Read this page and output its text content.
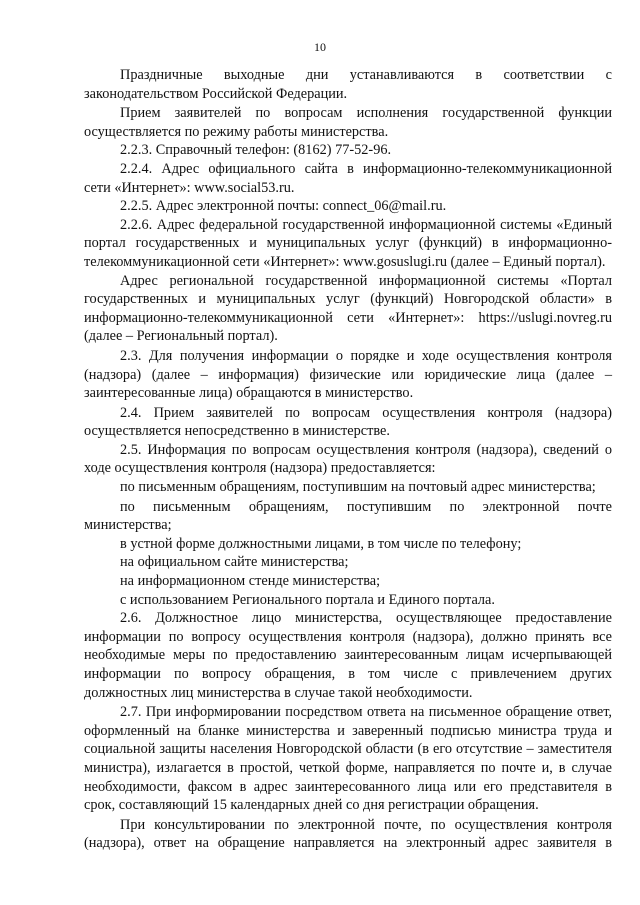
10

Праздничные выходные дни устанавливаются в соответствии с законодательством Российской Федерации.

Прием заявителей по вопросам исполнения государственной функции осуществляется по режиму работы министерства.

2.2.3. Справочный телефон: (8162) 77-52-96.

2.2.4. Адрес официального сайта в информационно-телекоммуникационной сети «Интернет»: www.social53.ru.

2.2.5. Адрес электронной почты: connect_06@mail.ru.

2.2.6. Адрес федеральной государственной информационной системы «Единый портал государственных и муниципальных услуг (функций) в информационно-телекоммуникационной сети «Интернет»: www.gosuslugi.ru (далее – Единый портал).

Адрес региональной государственной информационной системы «Портал государственных и муниципальных услуг (функций) Новгородской области» в информационно-телекоммуникационной сети «Интернет»: https://uslugi.novreg.ru (далее – Региональный портал).

2.3. Для получения информации о порядке и ходе осуществления контроля (надзора) (далее – информация) физические или юридические лица (далее – заинтересованные лица) обращаются в министерство.

2.4. Прием заявителей по вопросам осуществления контроля (надзора) осуществляется непосредственно в министерстве.

2.5. Информация по вопросам осуществления контроля (надзора), сведений о ходе осуществления контроля (надзора) предоставляется:

по письменным обращениям, поступившим на почтовый адрес министерства;

по письменным обращениям, поступившим по электронной почте министерства;

в устной форме должностными лицами, в том числе по телефону;

на официальном сайте министерства;

на информационном стенде министерства;

с использованием Регионального портала и Единого портала.

2.6. Должностное лицо министерства, осуществляющее предоставление информации по вопросу осуществления контроля (надзора), должно принять все необходимые меры по предоставлению заинтересованным лицам исчерпывающей информации по вопросу обращения, в том числе с привлечением других должностных лиц министерства в случае такой необходимости.

2.7. При информировании посредством ответа на письменное обращение ответ, оформленный на бланке министерства и заверенный подписью министра труда и социальной защиты населения Новгородской области (в его отсутствие – заместителя министра), излагается в простой, четкой форме, направляется по почте и, в случае необходимости, факсом в адрес заинтересованного лица или его представителя в срок, составляющий 15 календарных дней со дня регистрации обращения.

При консультировании по электронной почте, по осуществления контроля (надзора), ответ на обращение направляется на электронный адрес заявителя в
